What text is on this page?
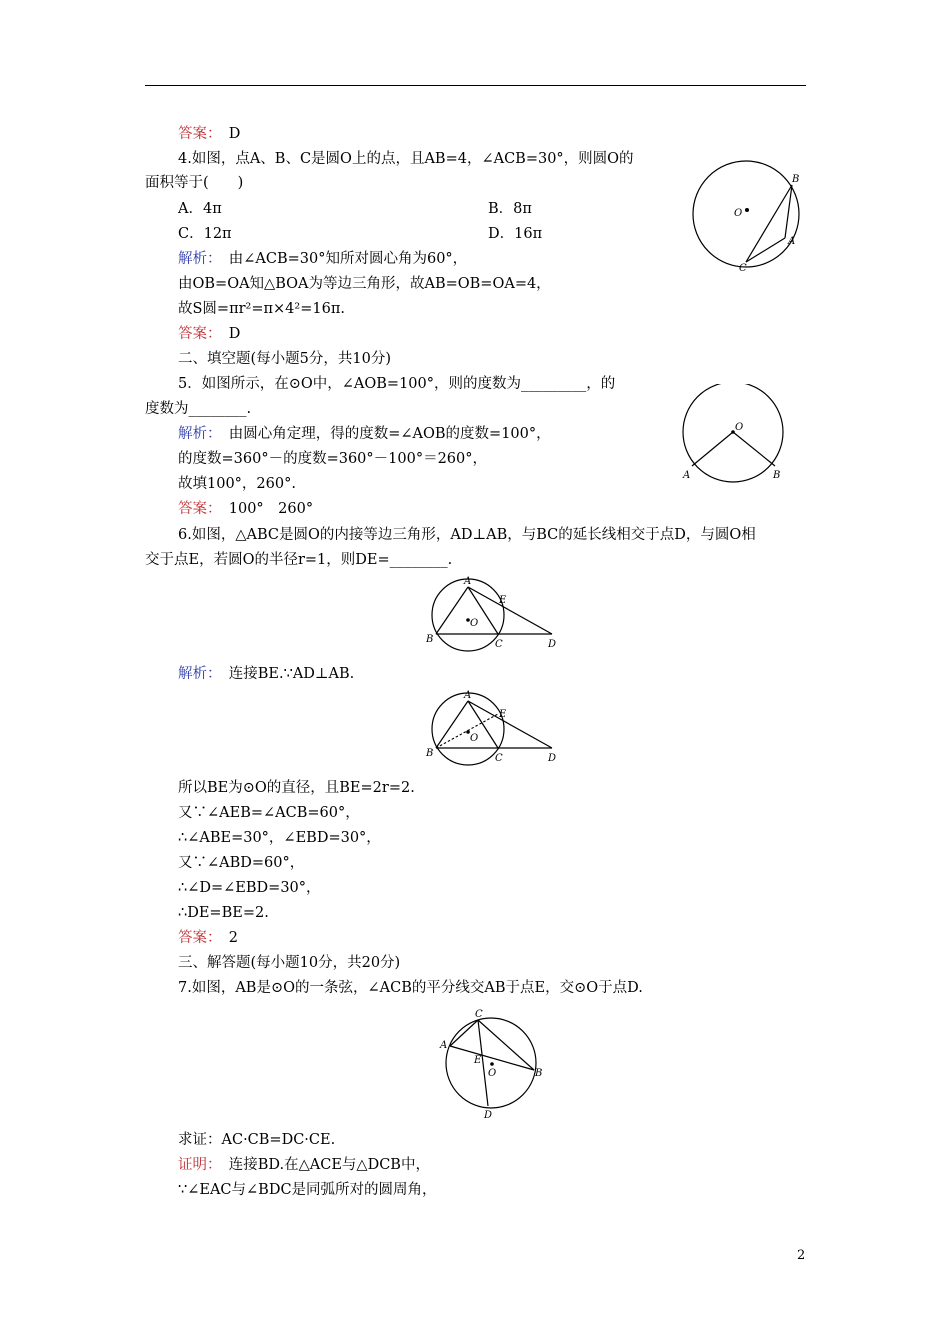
答案：　D
4.如图，点A、B、C是圆O上的点，且AB=4，∠ACB=30°，则圆O的
面积等于(　　)
A．4π	B．8π
C．12π	D．16π
解析：　由∠ACB=30°知所对圆心角为60°，
由OB=OA知△BOA为等边三角形，故AB=OB=OA=4，
故S圆=πr²=π×4²=16π.
答案：　D
二、填空题(每小题5分，共10分)
5．如图所示，在⊙O中，∠AOB=100°，则的度数为_________，的
度数为________.
解析：　由圆心角定理，得的度数=∠AOB的度数=100°，
的度数=360°－的度数=360°－100°＝260°，
故填100°，260°.
答案：　100°　260°
6.如图，△ABC是圆O的内接等边三角形，AD⊥AB，与BC的延长线相交于点D，与圆O相
交于点E，若圆O的半径r=1，则DE=________.
解析：　连接BE.∵AD⊥AB.
所以BE为⊙O的直径，且BE=2r=2.
又∵∠AEB=∠ACB=60°，
∴∠ABE=30°，∠EBD=30°，
又∵∠ABD=60°，
∴∠D=∠EBD=30°，
∴DE=BE=2.
答案：　2
三、解答题(每小题10分，共20分)
7.如图，AB是⊙O的一条弦，∠ACB的平分线交AB于点E，交⊙O于点D.
求证：AC·CB=DC·CE.
证明：　连接BD.在△ACE与△DCB中，
∵∠EAC与∠BDC是同弧所对的圆周角，
O
B
A
C
O
A	B
A
E
O
B	C	D
A
E
O
B	C	D
C
A
E
O	B
D
2
